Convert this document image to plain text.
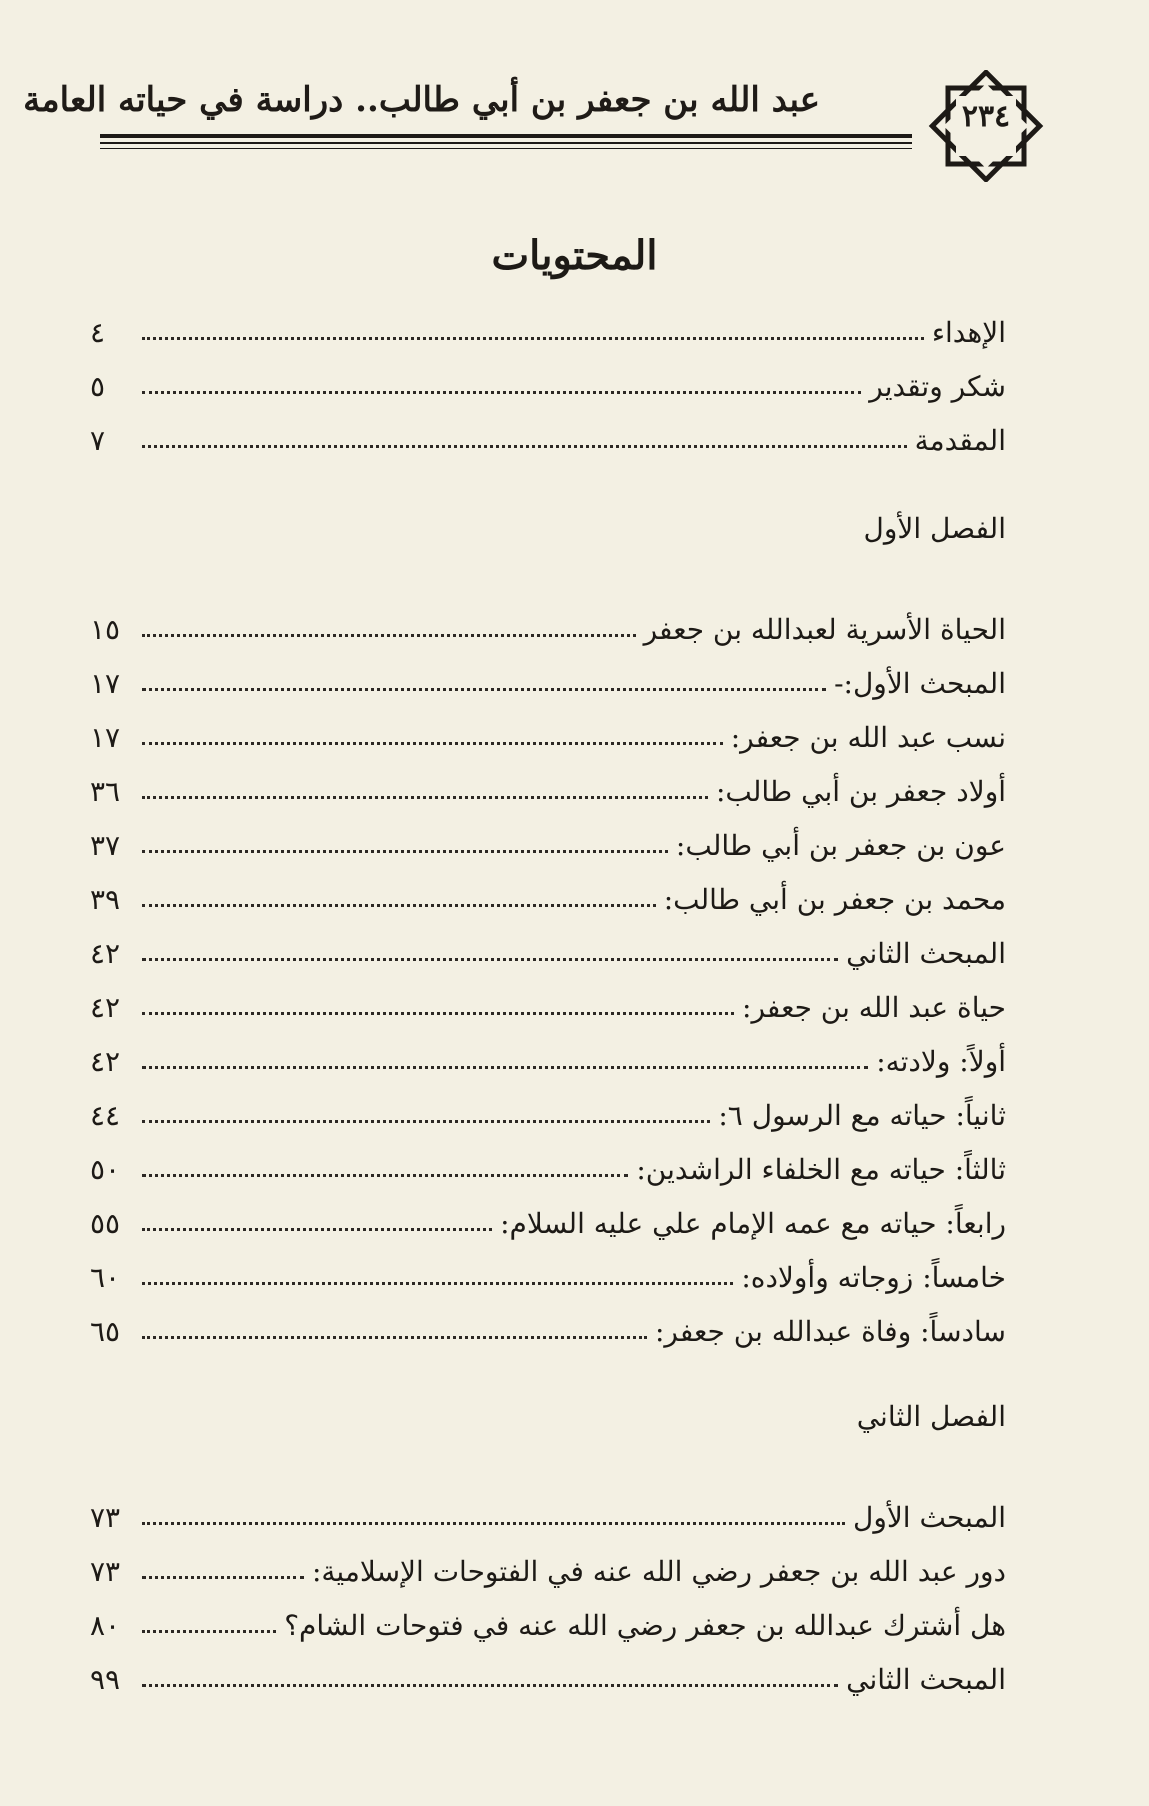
عبد الله بن جعفر بن أبي طالب.. دراسة في حياته العامة	٢٣٤
المحتويات
الإهداء
٤
شكر وتقدير
٥
المقدمة
٧
الفصل الأول
الحياة الأسرية لعبدالله بن جعفر
١٥
المبحث الأول:-
١٧
نسب عبد الله بن جعفر:
١٧
أولاد جعفر بن أبي طالب:
٣٦
عون بن جعفر بن أبي طالب:
٣٧
محمد بن جعفر بن أبي طالب:
٣٩
المبحث الثاني
٤٢
حياة عبد الله بن جعفر:
٤٢
أولاً: ولادته:
٤٢
ثانياً: حياته مع الرسول ٦:
٤٤
ثالثاً: حياته مع الخلفاء الراشدين:
٥٠
رابعاً: حياته مع عمه الإمام علي عليه السلام:
٥٥
خامساً: زوجاته وأولاده:
٦٠
سادساً: وفاة عبدالله بن جعفر:
٦٥
الفصل الثاني
المبحث الأول
٧٣
دور عبد الله بن جعفر رضي الله عنه في الفتوحات الإسلامية:
٧٣
هل أشترك عبدالله بن جعفر رضي الله عنه في فتوحات الشام؟
٨٠
المبحث الثاني
٩٩
